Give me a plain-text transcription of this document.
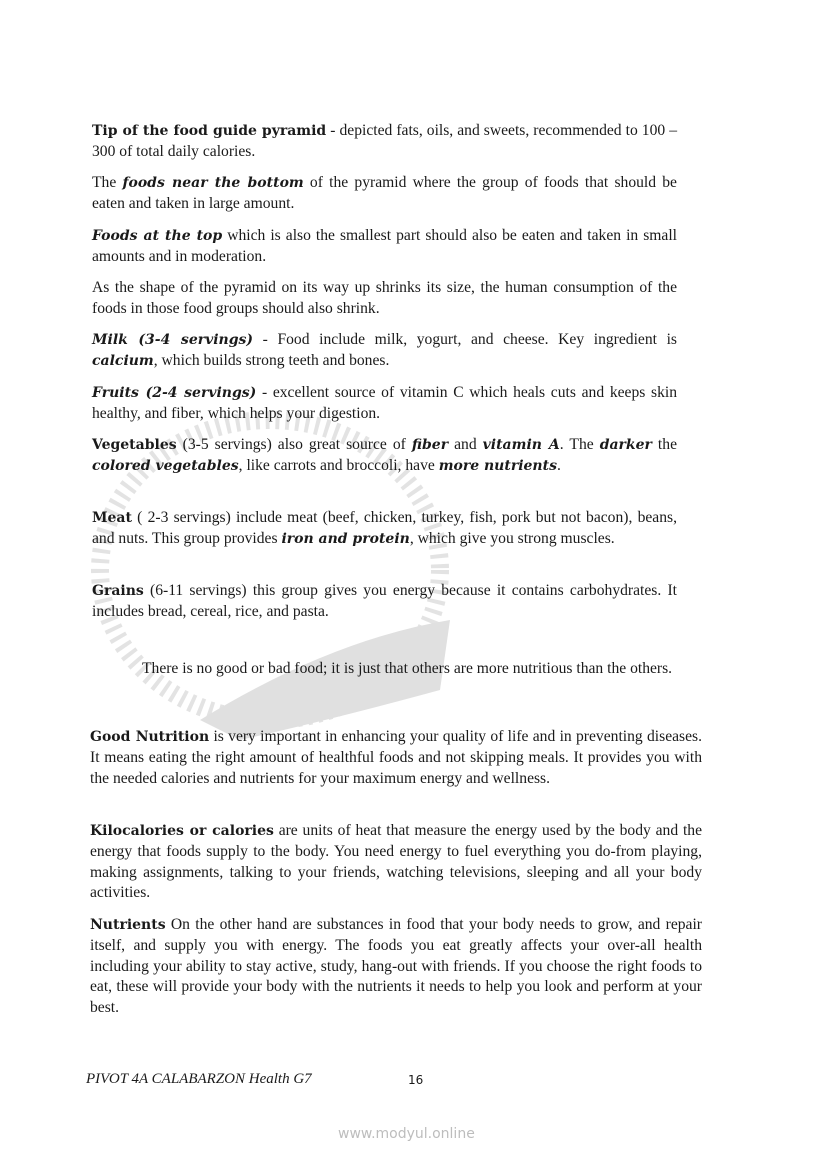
Tip of the food guide pyramid - depicted fats, oils, and sweets, recommended to 100 – 300 of total daily calories.
The foods near the bottom of the pyramid where the group of foods that should be eaten and taken in large amount.
Foods at the top which is also the smallest part should also be eaten and taken in small amounts and in moderation.
As the shape of the pyramid on its way up shrinks its size, the human consumption of the foods in those food groups should also shrink.
Milk (3-4 servings) - Food include milk, yogurt, and cheese. Key ingredient is calcium, which builds strong teeth and bones.
Fruits (2-4 servings) - excellent source of vitamin C which heals cuts and keeps skin healthy, and fiber, which helps your digestion.
Vegetables (3-5 servings) also great source of fiber and vitamin A. The darker the colored vegetables, like carrots and broccoli, have more nutrients.
Meat ( 2-3 servings) include meat (beef, chicken, turkey, fish, pork but not bacon), beans, and nuts. This group provides iron and protein, which give you strong muscles.
Grains (6-11 servings) this group gives you energy because it contains carbohydrates. It includes bread, cereal, rice, and pasta.
There is no good or bad food; it is just that others are more nutritious than the others.
Good Nutrition is very important in enhancing your quality of life and in preventing diseases. It means eating the right amount of healthful foods and not skipping meals. It provides you with the needed calories and nutrients for your maximum energy and wellness.
Kilocalories or calories are units of heat that measure the energy used by the body and the energy that foods supply to the body. You need energy to fuel everything you do-from playing, making assignments, talking to your friends, watching televisions, sleeping and all your body activities.
Nutrients On the other hand are substances in food that your body needs to grow, and repair itself, and supply you with energy. The foods you eat greatly affects your over-all health including your ability to stay active, study, hang-out with friends. If you choose the right foods to eat, these will provide your body with the nutrients it needs to help you look and perform at your best.
PIVOT 4A CALABARZON Health G7	16
www.modyul.online
